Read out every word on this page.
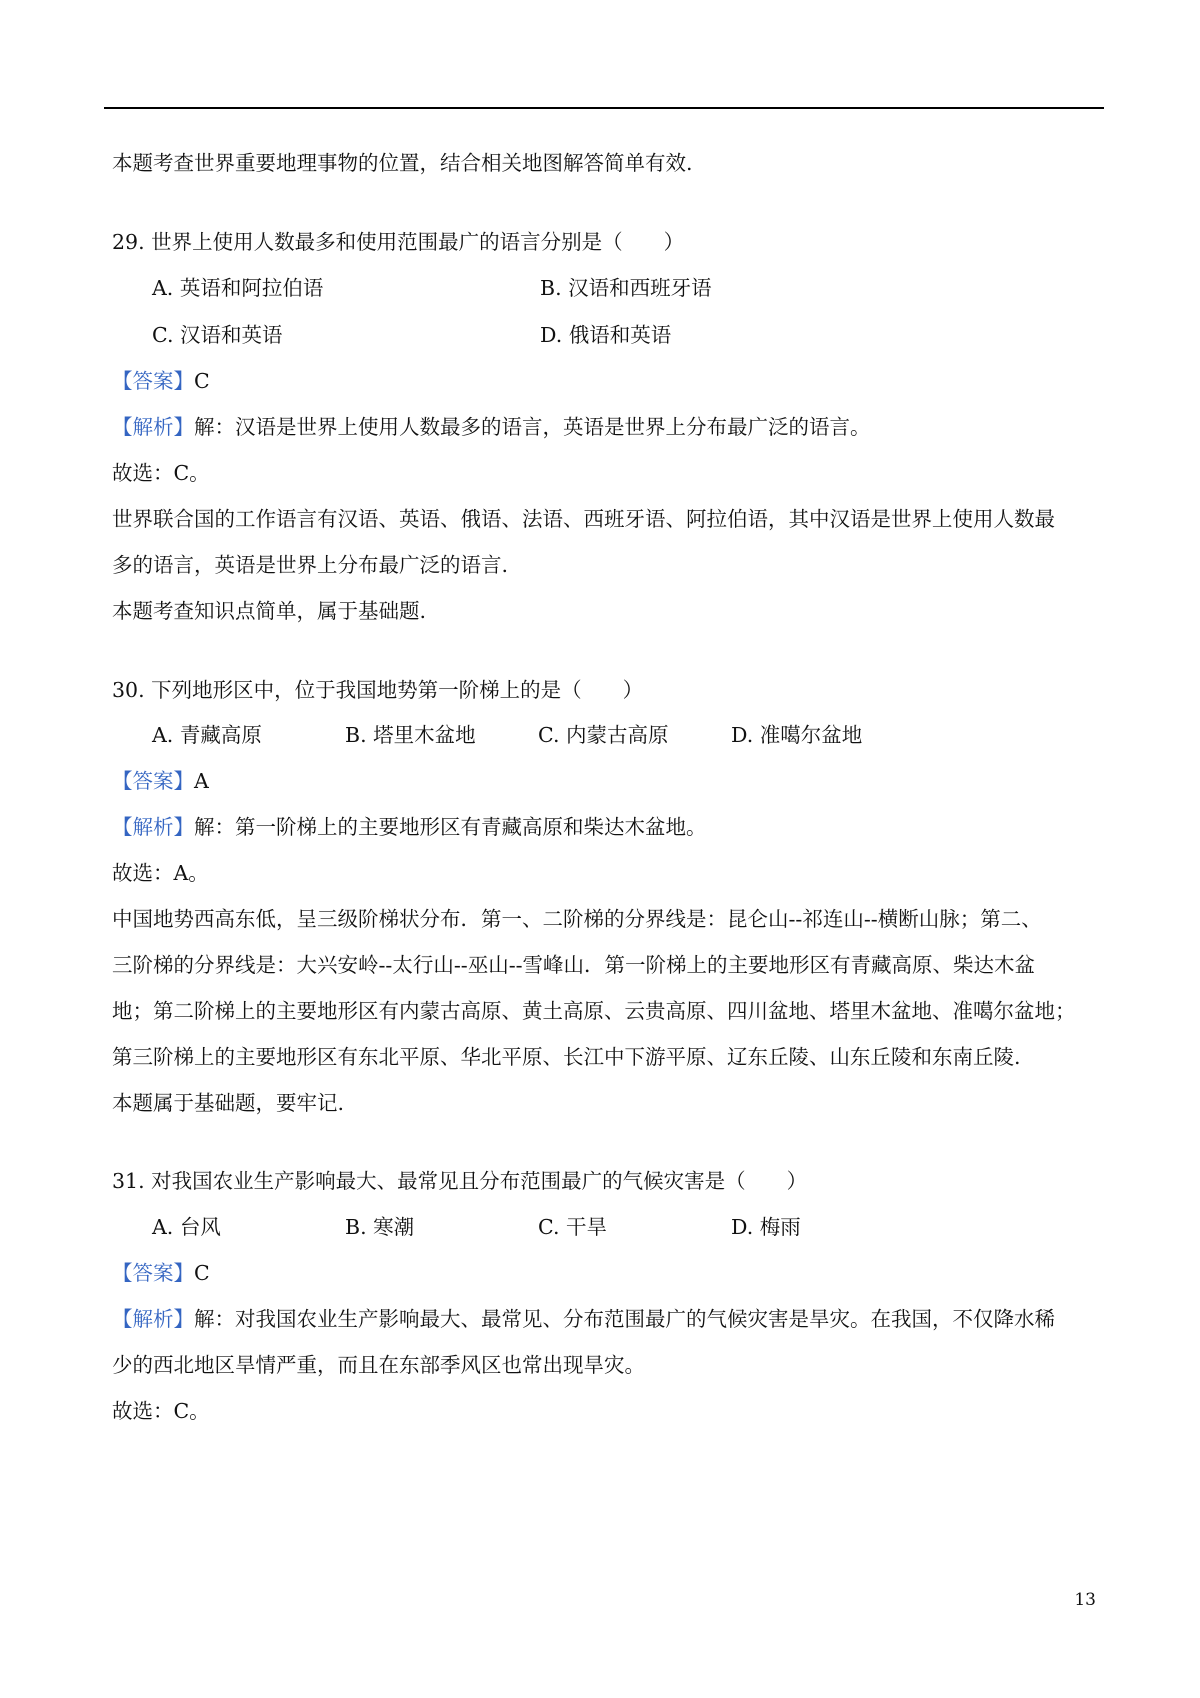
本题考查世界重要地理事物的位置，结合相关地图解答简单有效.
29. 世界上使用人数最多和使用范围最广的语言分别是（　　）
A. 英语和阿拉伯语	B. 汉语和西班牙语
C. 汉语和英语	D. 俄语和英语
【答案】C
【解析】解：汉语是世界上使用人数最多的语言，英语是世界上分布最广泛的语言。
故选：C。
世界联合国的工作语言有汉语、英语、俄语、法语、西班牙语、阿拉伯语，其中汉语是世界上使用人数最
多的语言，英语是世界上分布最广泛的语言.
本题考查知识点简单，属于基础题.
30. 下列地形区中，位于我国地势第一阶梯上的是（　　）
A. 青藏高原	B. 塔里木盆地	C. 内蒙古高原	D. 准噶尔盆地
【答案】A
【解析】解：第一阶梯上的主要地形区有青藏高原和柴达木盆地。
故选：A。
中国地势西高东低，呈三级阶梯状分布．第一、二阶梯的分界线是：昆仑山--祁连山--横断山脉；第二、
三阶梯的分界线是：大兴安岭--太行山--巫山--雪峰山．第一阶梯上的主要地形区有青藏高原、柴达木盆
地；第二阶梯上的主要地形区有内蒙古高原、黄土高原、云贵高原、四川盆地、塔里木盆地、准噶尔盆地；
第三阶梯上的主要地形区有东北平原、华北平原、长江中下游平原、辽东丘陵、山东丘陵和东南丘陵.
本题属于基础题，要牢记.
31. 对我国农业生产影响最大、最常见且分布范围最广的气候灾害是（　　）
A. 台风	B. 寒潮	C. 干旱	D. 梅雨
【答案】C
【解析】解：对我国农业生产影响最大、最常见、分布范围最广的气候灾害是旱灾。在我国，不仅降水稀
少的西北地区旱情严重，而且在东部季风区也常出现旱灾。
故选：C。
13
